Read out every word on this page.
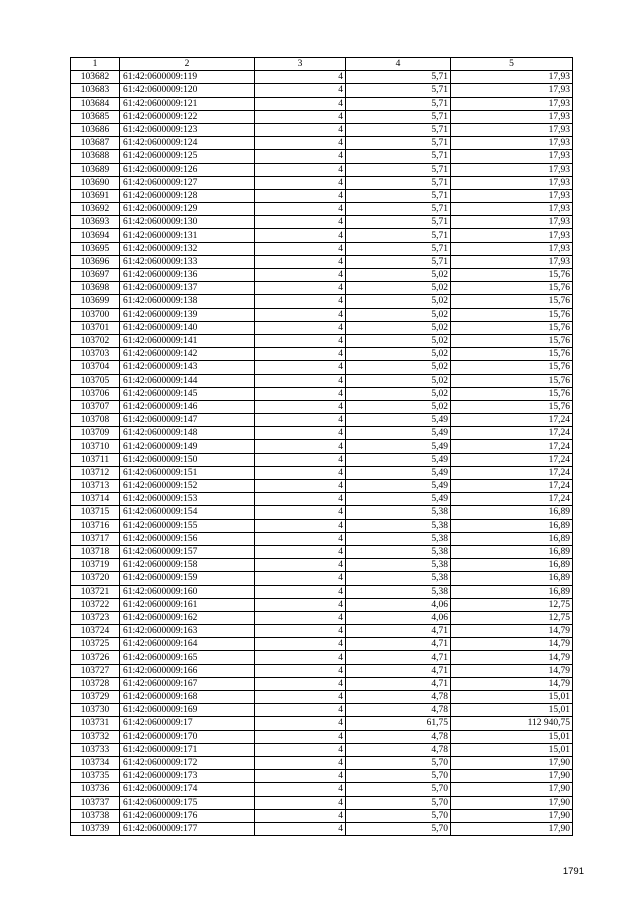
1	2	3	4	5
103682	61:42:0600009:119	4	5,71	17,93
103683	61:42:0600009:120	4	5,71	17,93
103684	61:42:0600009:121	4	5,71	17,93
103685	61:42:0600009:122	4	5,71	17,93
103686	61:42:0600009:123	4	5,71	17,93
103687	61:42:0600009:124	4	5,71	17,93
103688	61:42:0600009:125	4	5,71	17,93
103689	61:42:0600009:126	4	5,71	17,93
103690	61:42:0600009:127	4	5,71	17,93
103691	61:42:0600009:128	4	5,71	17,93
103692	61:42:0600009:129	4	5,71	17,93
103693	61:42:0600009:130	4	5,71	17,93
103694	61:42:0600009:131	4	5,71	17,93
103695	61:42:0600009:132	4	5,71	17,93
103696	61:42:0600009:133	4	5,71	17,93
103697	61:42:0600009:136	4	5,02	15,76
103698	61:42:0600009:137	4	5,02	15,76
103699	61:42:0600009:138	4	5,02	15,76
103700	61:42:0600009:139	4	5,02	15,76
103701	61:42:0600009:140	4	5,02	15,76
103702	61:42:0600009:141	4	5,02	15,76
103703	61:42:0600009:142	4	5,02	15,76
103704	61:42:0600009:143	4	5,02	15,76
103705	61:42:0600009:144	4	5,02	15,76
103706	61:42:0600009:145	4	5,02	15,76
103707	61:42:0600009:146	4	5,02	15,76
103708	61:42:0600009:147	4	5,49	17,24
103709	61:42:0600009:148	4	5,49	17,24
103710	61:42:0600009:149	4	5,49	17,24
103711	61:42:0600009:150	4	5,49	17,24
103712	61:42:0600009:151	4	5,49	17,24
103713	61:42:0600009:152	4	5,49	17,24
103714	61:42:0600009:153	4	5,49	17,24
103715	61:42:0600009:154	4	5,38	16,89
103716	61:42:0600009:155	4	5,38	16,89
103717	61:42:0600009:156	4	5,38	16,89
103718	61:42:0600009:157	4	5,38	16,89
103719	61:42:0600009:158	4	5,38	16,89
103720	61:42:0600009:159	4	5,38	16,89
103721	61:42:0600009:160	4	5,38	16,89
103722	61:42:0600009:161	4	4,06	12,75
103723	61:42:0600009:162	4	4,06	12,75
103724	61:42:0600009:163	4	4,71	14,79
103725	61:42:0600009:164	4	4,71	14,79
103726	61:42:0600009:165	4	4,71	14,79
103727	61:42:0600009:166	4	4,71	14,79
103728	61:42:0600009:167	4	4,71	14,79
103729	61:42:0600009:168	4	4,78	15,01
103730	61:42:0600009:169	4	4,78	15,01
103731	61:42:0600009:17	4	61,75	112 940,75
103732	61:42:0600009:170	4	4,78	15,01
103733	61:42:0600009:171	4	4,78	15,01
103734	61:42:0600009:172	4	5,70	17,90
103735	61:42:0600009:173	4	5,70	17,90
103736	61:42:0600009:174	4	5,70	17,90
103737	61:42:0600009:175	4	5,70	17,90
103738	61:42:0600009:176	4	5,70	17,90
103739	61:42:0600009:177	4	5,70	17,90
1791
